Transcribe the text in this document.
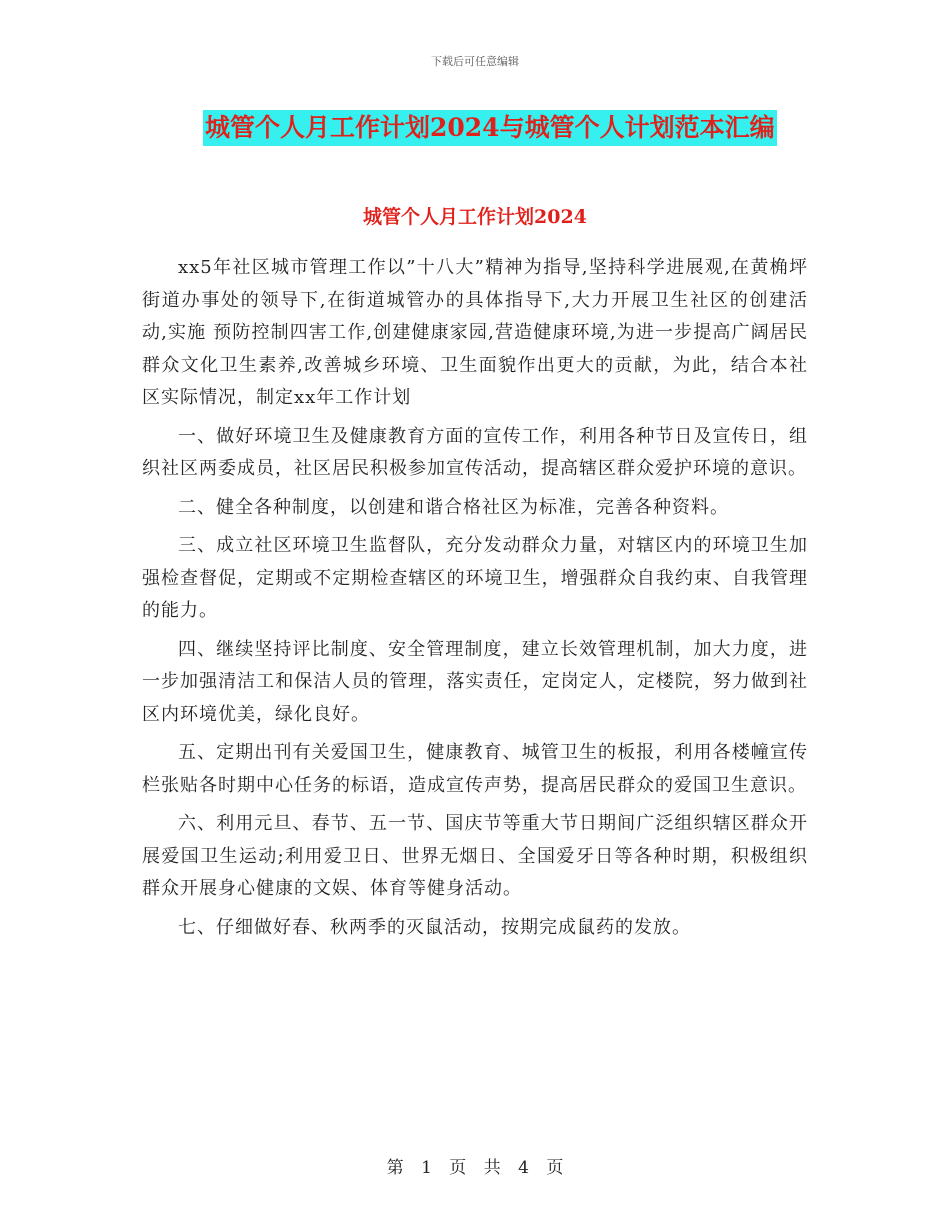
下载后可任意编辑
城管个人月工作计划2024与城管个人计划范本汇编
城管个人月工作计划2024

xx5年社区城市管理工作以”十八大”精神为指导,坚持科学进展观,在黄桷坪街道办事处的领导下,在街道城管办的具体指导下,大力开展卫生社区的创建活动,实施 预防控制四害工作,创建健康家园,营造健康环境,为进一步提高广阔居民群众文化卫生素养,改善城乡环境、卫生面貌作出更大的贡献，为此，结合本社区实际情况，制定xx年工作计划

一、做好环境卫生及健康教育方面的宣传工作，利用各种节日及宣传日，组织社区两委成员，社区居民积极参加宣传活动，提高辖区群众爱护环境的意识。

二、健全各种制度，以创建和谐合格社区为标准，完善各种资料。

三、成立社区环境卫生监督队，充分发动群众力量，对辖区内的环境卫生加强检查督促，定期或不定期检查辖区的环境卫生，增强群众自我约束、自我管理的能力。

四、继续坚持评比制度、安全管理制度，建立长效管理机制，加大力度，进一步加强清洁工和保洁人员的管理，落实责任，定岗定人，定楼院，努力做到社区内环境优美，绿化良好。

五、定期出刊有关爱国卫生，健康教育、城管卫生的板报，利用各楼幢宣传栏张贴各时期中心任务的标语，造成宣传声势，提高居民群众的爱国卫生意识。

六、利用元旦、春节、五一节、国庆节等重大节日期间广泛组织辖区群众开展爱国卫生运动;利用爱卫日、世界无烟日、全国爱牙日等各种时期，积极组织群众开展身心健康的文娱、体育等健身活动。

七、仔细做好春、秋两季的灭鼠活动，按期完成鼠药的发放。

第 1 页 共 4 页
